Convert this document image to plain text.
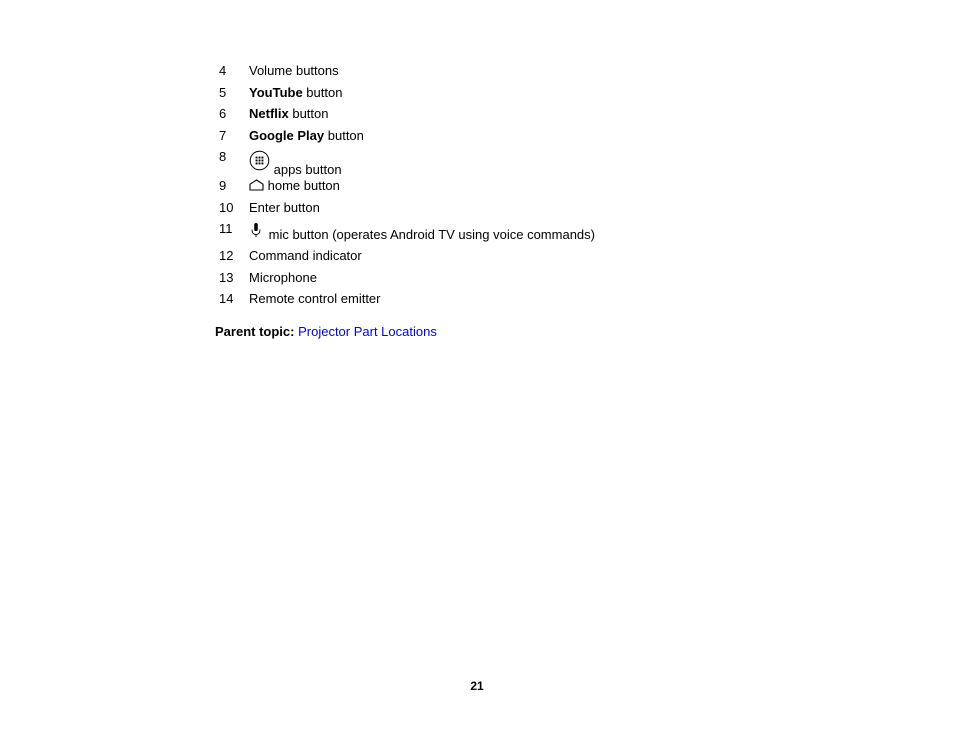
4 Volume buttons
5 YouTube button
6 Netflix button
7 Google Play button
8
apps button
9	home button
10 Enter button
11	mic button (operates Android TV using voice commands)
12 Command indicator
13 Microphone
14 Remote control emitter
Parent topic: Projector Part Locations
21
